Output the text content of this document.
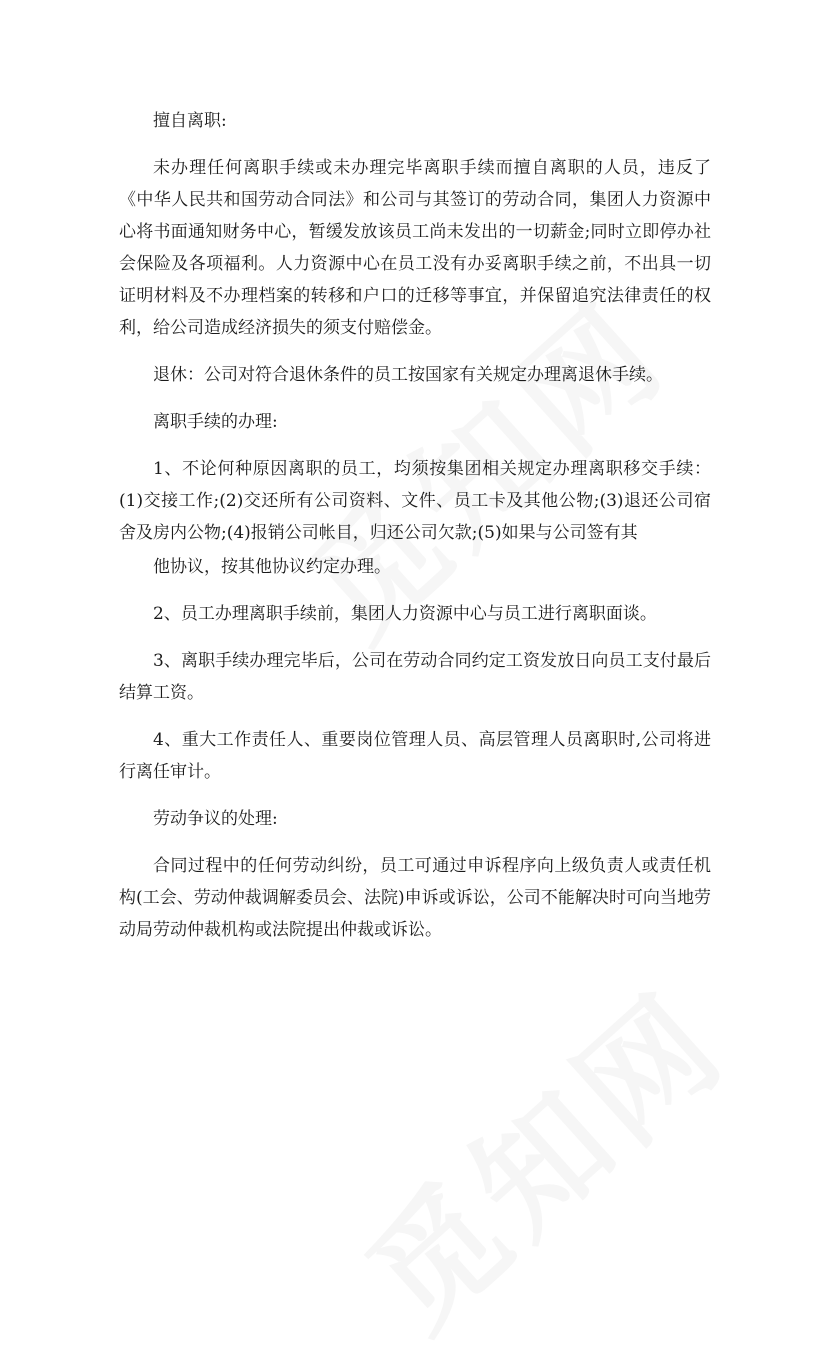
擅自离职:

未办理任何离职手续或未办理完毕离职手续而擅自离职的人员，违反了《中华人民共和国劳动合同法》和公司与其签订的劳动合同，集团人力资源中心将书面通知财务中心，暂缓发放该员工尚未发出的一切薪金;同时立即停办社会保险及各项福利。人力资源中心在员工没有办妥离职手续之前，不出具一切证明材料及不办理档案的转移和户口的迁移等事宜，并保留追究法律责任的权利，给公司造成经济损失的须支付赔偿金。

退休：公司对符合退休条件的员工按国家有关规定办理离退休手续。

离职手续的办理:

1、不论何种原因离职的员工，均须按集团相关规定办理离职移交手续：(1)交接工作;(2)交还所有公司资料、文件、员工卡及其他公物;(3)退还公司宿舍及房内公物;(4)报销公司帐目，归还公司欠款;(5)如果与公司签有其

他协议，按其他协议约定办理。

2、员工办理离职手续前，集团人力资源中心与员工进行离职面谈。

3、离职手续办理完毕后，公司在劳动合同约定工资发放日向员工支付最后结算工资。

4、重大工作责任人、重要岗位管理人员、高层管理人员离职时,公司将进行离任审计。

劳动争议的处理:

合同过程中的任何劳动纠纷，员工可通过申诉程序向上级负责人或责任机构(工会、劳动仲裁调解委员会、法院)申诉或诉讼，公司不能解决时可向当地劳动局劳动仲裁机构或法院提出仲裁或诉讼。
